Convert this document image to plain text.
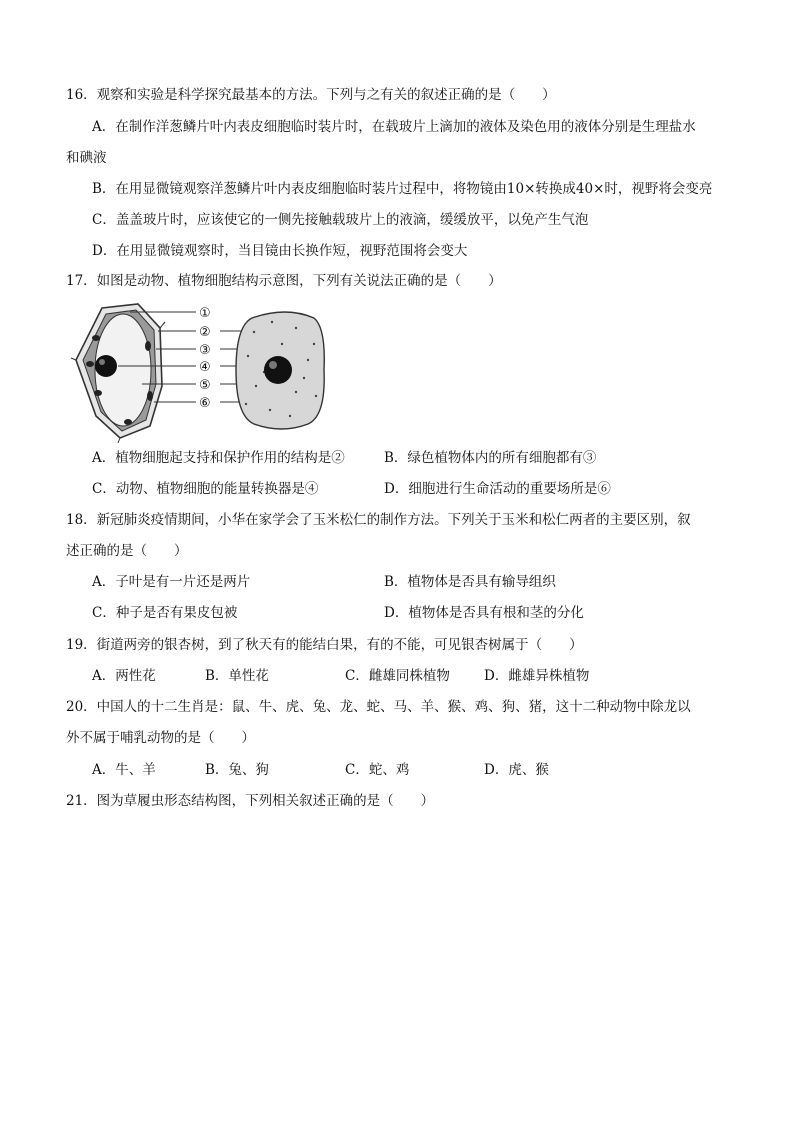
16．观察和实验是科学探究最基本的方法。下列与之有关的叙述正确的是（　　）
A．在制作洋葱鳞片叶内表皮细胞临时装片时，在载玻片上滴加的液体及染色用的液体分别是生理盐水
和碘液
B．在用显微镜观察洋葱鳞片叶内表皮细胞临时装片过程中，将物镜由10×转换成40×时，视野将会变亮
C．盖盖玻片时，应该使它的一侧先接触载玻片上的液滴，缓缓放平，以免产生气泡
D．在用显微镜观察时，当目镜由长换作短，视野范围将会变大
17．如图是动物、植物细胞结构示意图，下列有关说法正确的是（　　）
①
②
③
④
⑤
⑥
A．植物细胞起支持和保护作用的结构是②	B．绿色植物体内的所有细胞都有③
C．动物、植物细胞的能量转换器是④	D．细胞进行生命活动的重要场所是⑥
18．新冠肺炎疫情期间，小华在家学会了玉米松仁的制作方法。下列关于玉米和松仁两者的主要区别，叙
述正确的是（　　）
A．子叶是有一片还是两片	B．植物体是否具有输导组织
C．种子是否有果皮包被	D．植物体是否具有根和茎的分化
19．街道两旁的银杏树，到了秋天有的能结白果，有的不能，可见银杏树属于（　　）
A．两性花	B．单性花	C．雌雄同株植物	D．雌雄异株植物
20．中国人的十二生肖是：鼠、牛、虎、兔、龙、蛇、马、羊、猴、鸡、狗、猪，这十二种动物中除龙以
外不属于哺乳动物的是（　　）
A．牛、羊	B．兔、狗	C．蛇、鸡	D．虎、猴
21．图为草履虫形态结构图，下列相关叙述正确的是（　　）
